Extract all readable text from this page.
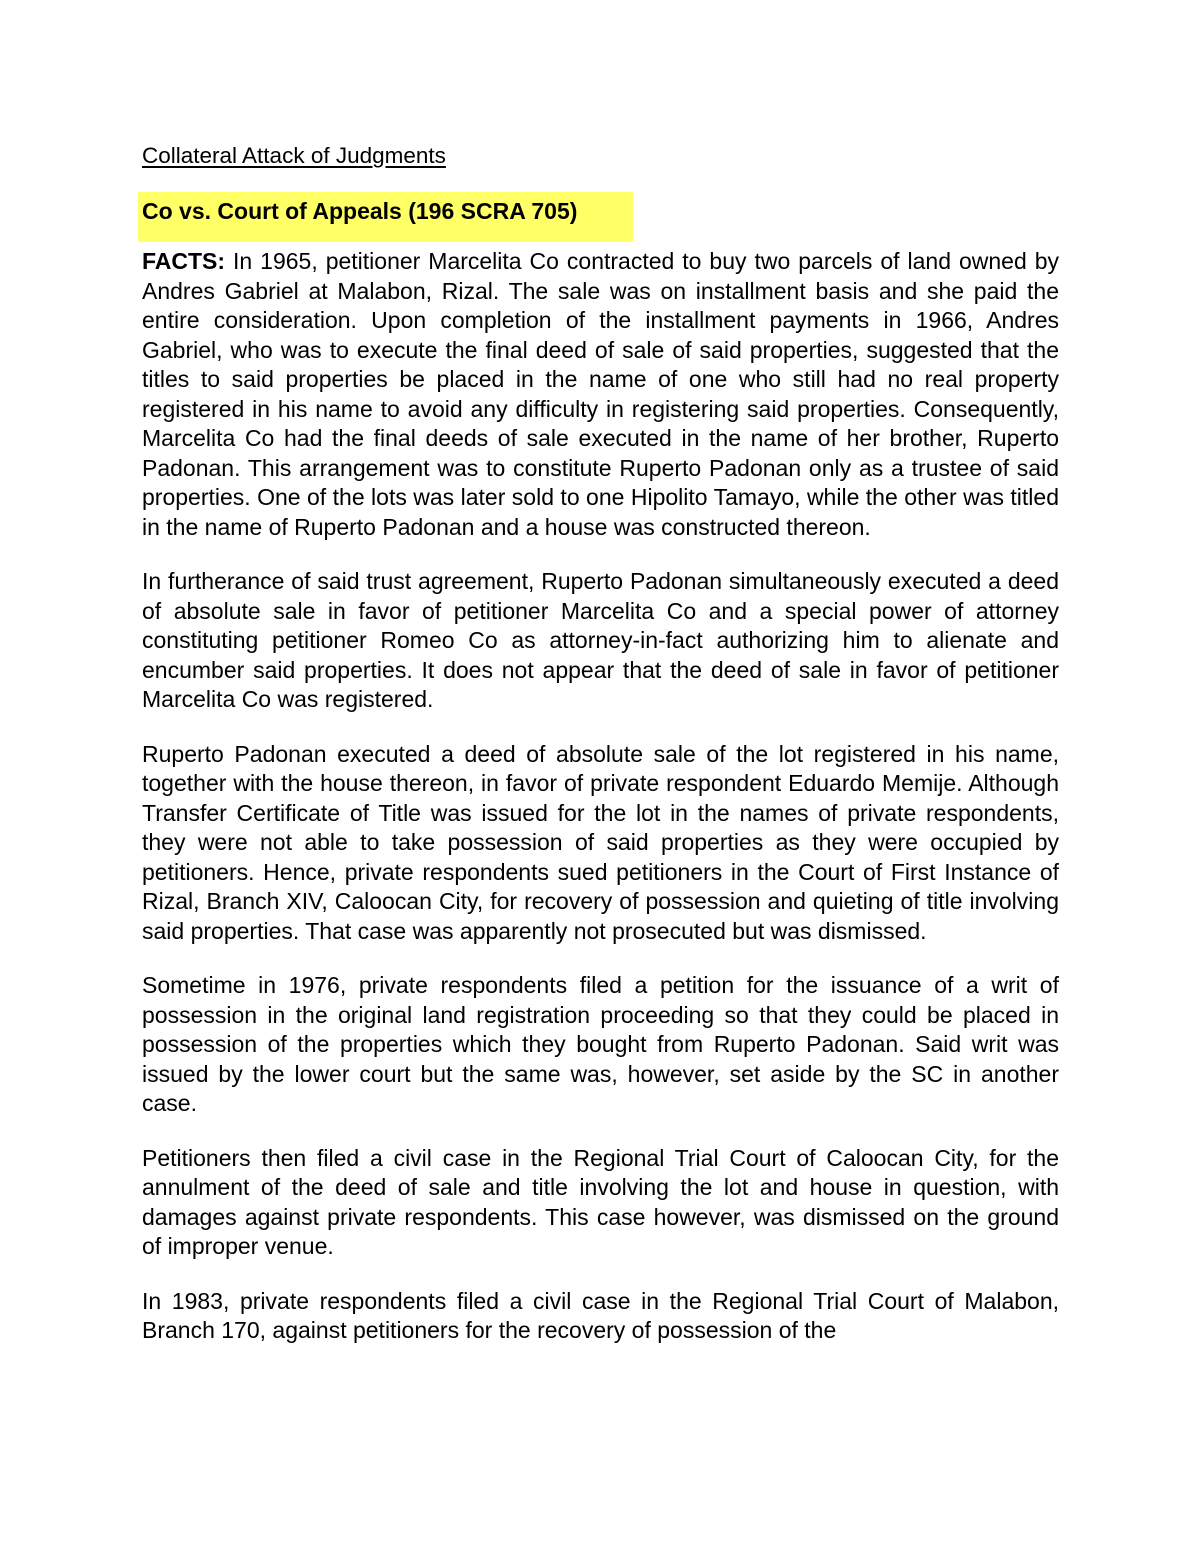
Collateral Attack of Judgments
Co vs. Court of Appeals (196 SCRA 705)

FACTS: In 1965, petitioner Marcelita Co contracted to buy two parcels of land owned by Andres Gabriel at Malabon, Rizal. The sale was on installment basis and she paid the entire consideration. Upon completion of the installment payments in 1966, Andres Gabriel, who was to execute the final deed of sale of said properties, suggested that the titles to said properties be placed in the name of one who still had no real property registered in his name to avoid any difficulty in registering said properties. Consequently, Marcelita Co had the final deeds of sale executed in the name of her brother, Ruperto Padonan. This arrangement was to constitute Ruperto Padonan only as a trustee of said properties. One of the lots was later sold to one Hipolito Tamayo, while the other was titled in the name of Ruperto Padonan and a house was constructed thereon.

In furtherance of said trust agreement, Ruperto Padonan simultaneously executed a deed of absolute sale in favor of petitioner Marcelita Co and a special power of attorney constituting petitioner Romeo Co as attorney-in-fact authorizing him to alienate and encumber said properties. It does not appear that the deed of sale in favor of petitioner Marcelita Co was registered.

Ruperto Padonan executed a deed of absolute sale of the lot registered in his name, together with the house thereon, in favor of private respondent Eduardo Memije. Although Transfer Certificate of Title was issued for the lot in the names of private respondents, they were not able to take possession of said properties as they were occupied by petitioners. Hence, private respondents sued petitioners in the Court of First Instance of Rizal, Branch XIV, Caloocan City, for recovery of possession and quieting of title involving said properties. That case was apparently not prosecuted but was dismissed.

Sometime in 1976, private respondents filed a petition for the issuance of a writ of possession in the original land registration proceeding so that they could be placed in possession of the properties which they bought from Ruperto Padonan. Said writ was issued by the lower court but the same was, however, set aside by the SC in another case.

Petitioners then filed a civil case in the Regional Trial Court of Caloocan City, for the annulment of the deed of sale and title involving the lot and house in question, with damages against private respondents. This case however, was dismissed on the ground of improper venue.

In 1983, private respondents filed a civil case in the Regional Trial Court of Malabon, Branch 170, against petitioners for the recovery of possession of the
